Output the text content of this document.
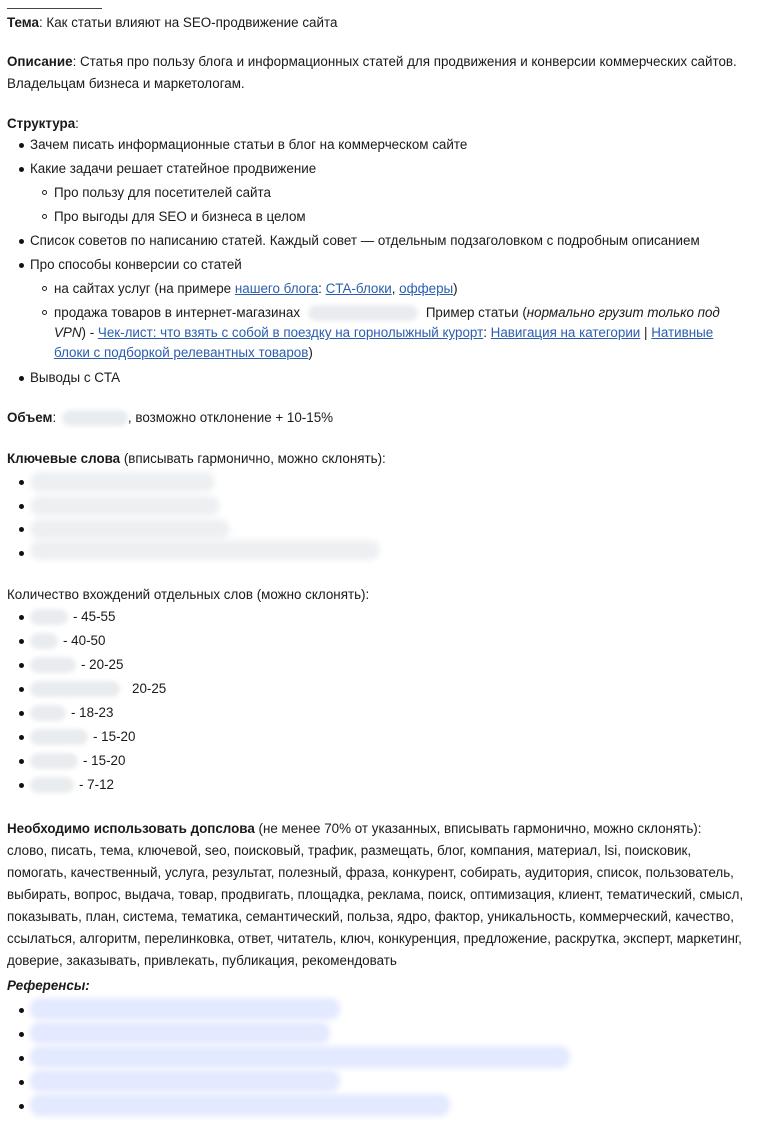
Тема: Как статьи влияют на SEO-продвижение сайта
Описание: Статья про пользу блога и информационных статей для продвижения и конверсии коммерческих сайтов. Владельцам бизнеса и маркетологам.
Структура:
Зачем писать информационные статьи в блог на коммерческом сайте
Какие задачи решает статейное продвижение
Про пользу для посетителей сайта
Про выгоды для SEO и бизнеса в целом
Список советов по написанию статей. Каждый совет — отдельным подзаголовком с подробным описанием
Про способы конверсии со статей
на сайтах услуг (на примере нашего блога: CTA-блоки, офферы)
продажа товаров в интернет-магазинах	Пример статьи (нормально грузит только под
VPN) - Чек-лист: что взять с собой в поездку на горнолыжный курорт: Навигация на категории | Нативные
блоки с подборкой релевантных товаров)
Выводы с CTA
Объем:	, возможно отклонение + 10-15%
Ключевые слова (вписывать гармонично, можно склонять):
Количество вхождений отдельных слов (можно склонять):
- 45-55
- 40-50
- 20-25
20-25
- 18-23
- 15-20
- 15-20
- 7-12
Необходимо использовать допслова (не менее 70% от указанных, вписывать гармонично, можно склонять):
слово, писать, тема, ключевой, seo, поисковый, трафик, размещать, блог, компания, материал, lsi, поисковик, помогать, качественный, услуга, результат, полезный, фраза, конкурент, собирать, аудитория, список, пользователь, выбирать, вопрос, выдача, товар, продвигать, площадка, реклама, поиск, оптимизация, клиент, тематический, смысл, показывать, план, система, тематика, семантический, польза, ядро, фактор, уникальность, коммерческий, качество, ссылаться, алгоритм, перелинковка, ответ, читатель, ключ, конкуренция, предложение, раскрутка, эксперт, маркетинг, доверие, заказывать, привлекать, публикация, рекомендовать
Референсы:
